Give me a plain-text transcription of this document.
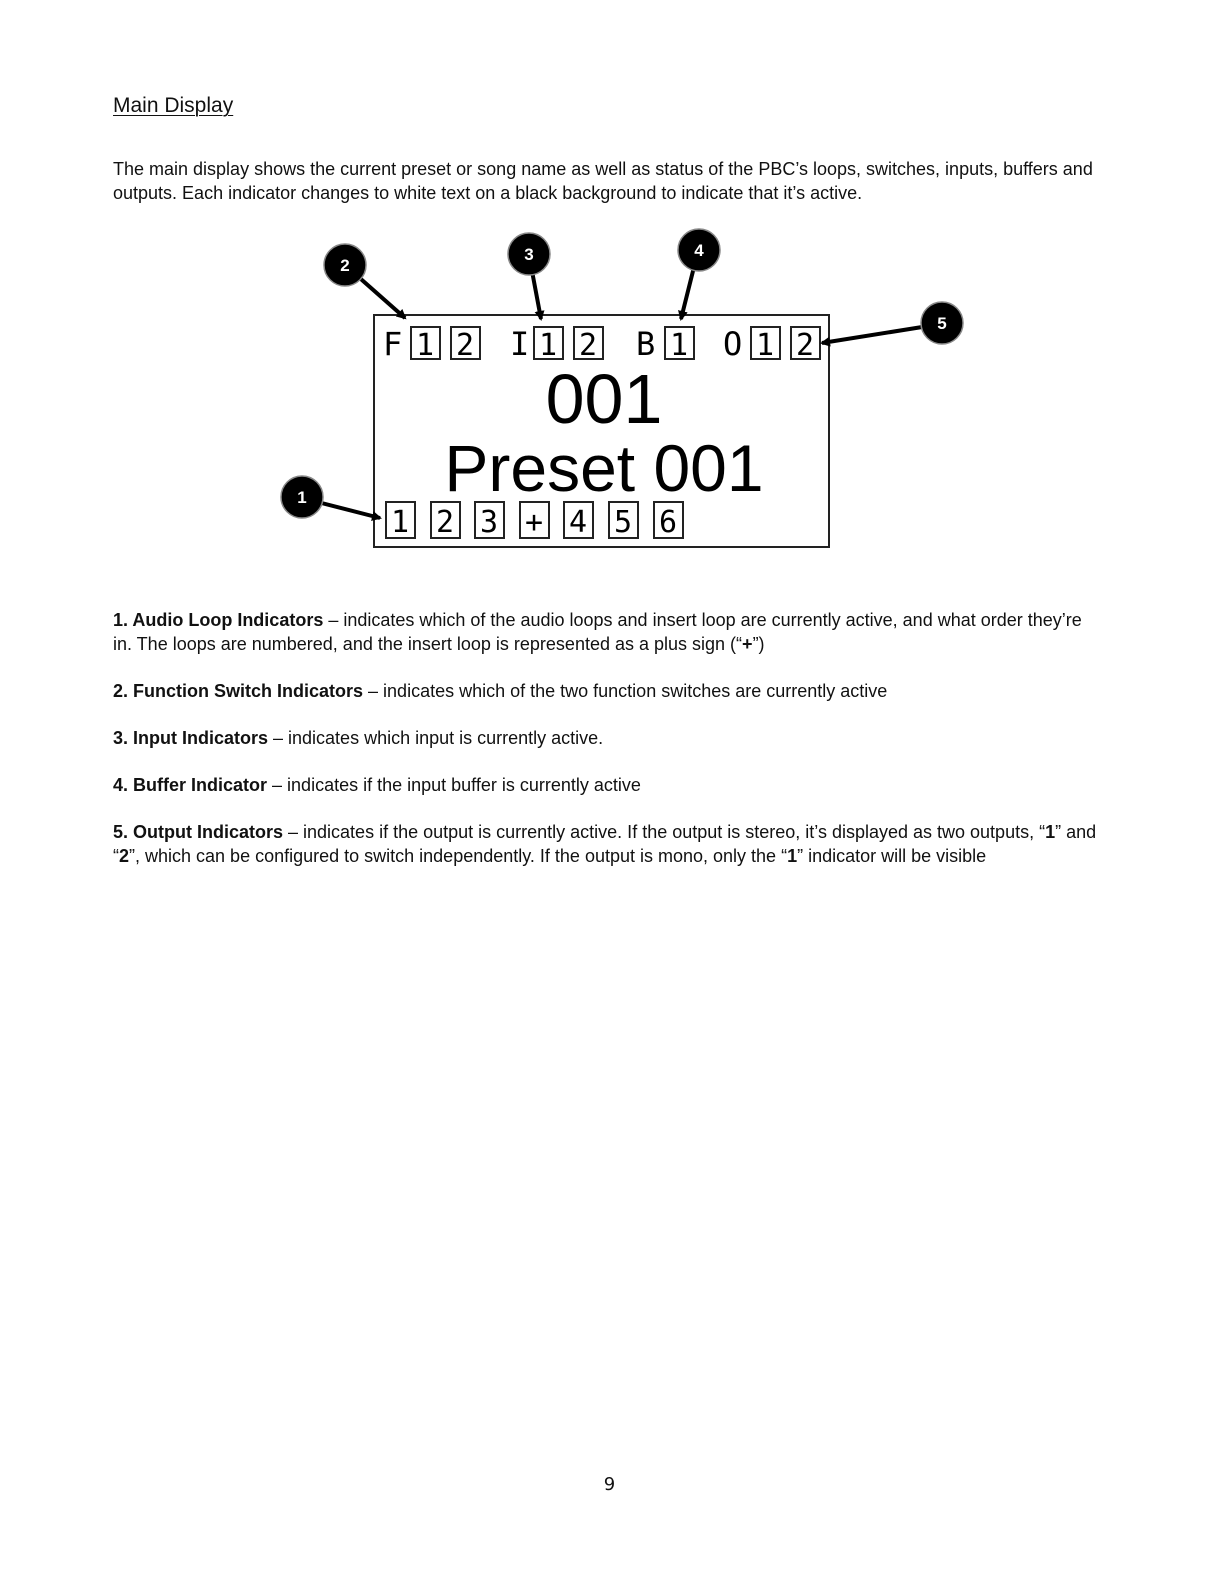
Main Display

The main display shows the current preset or song name as well as status of the PBC’s loops, switches, inputs, buffers and outputs. Each indicator changes to white text on a black background to indicate that it’s active.

F 1 2 I 1 2 B 1 O 1 2
001
Preset 001
1 2 3 + 4 5 6
1
2
3	4
5
1. Audio Loop Indicators – indicates which of the audio loops and insert loop are currently active, and what order they’re in. The loops are numbered, and the insert loop is represented as a plus sign (“+”)
2. Function Switch Indicators – indicates which of the two function switches are currently active
3. Input Indicators – indicates which input is currently active.
4. Buffer Indicator – indicates if the input buffer is currently active
5. Output Indicators – indicates if the output is currently active. If the output is stereo, it’s displayed as two outputs, “1” and “2”, which can be configured to switch independently. If the output is mono, only the “1” indicator will be visible
9
